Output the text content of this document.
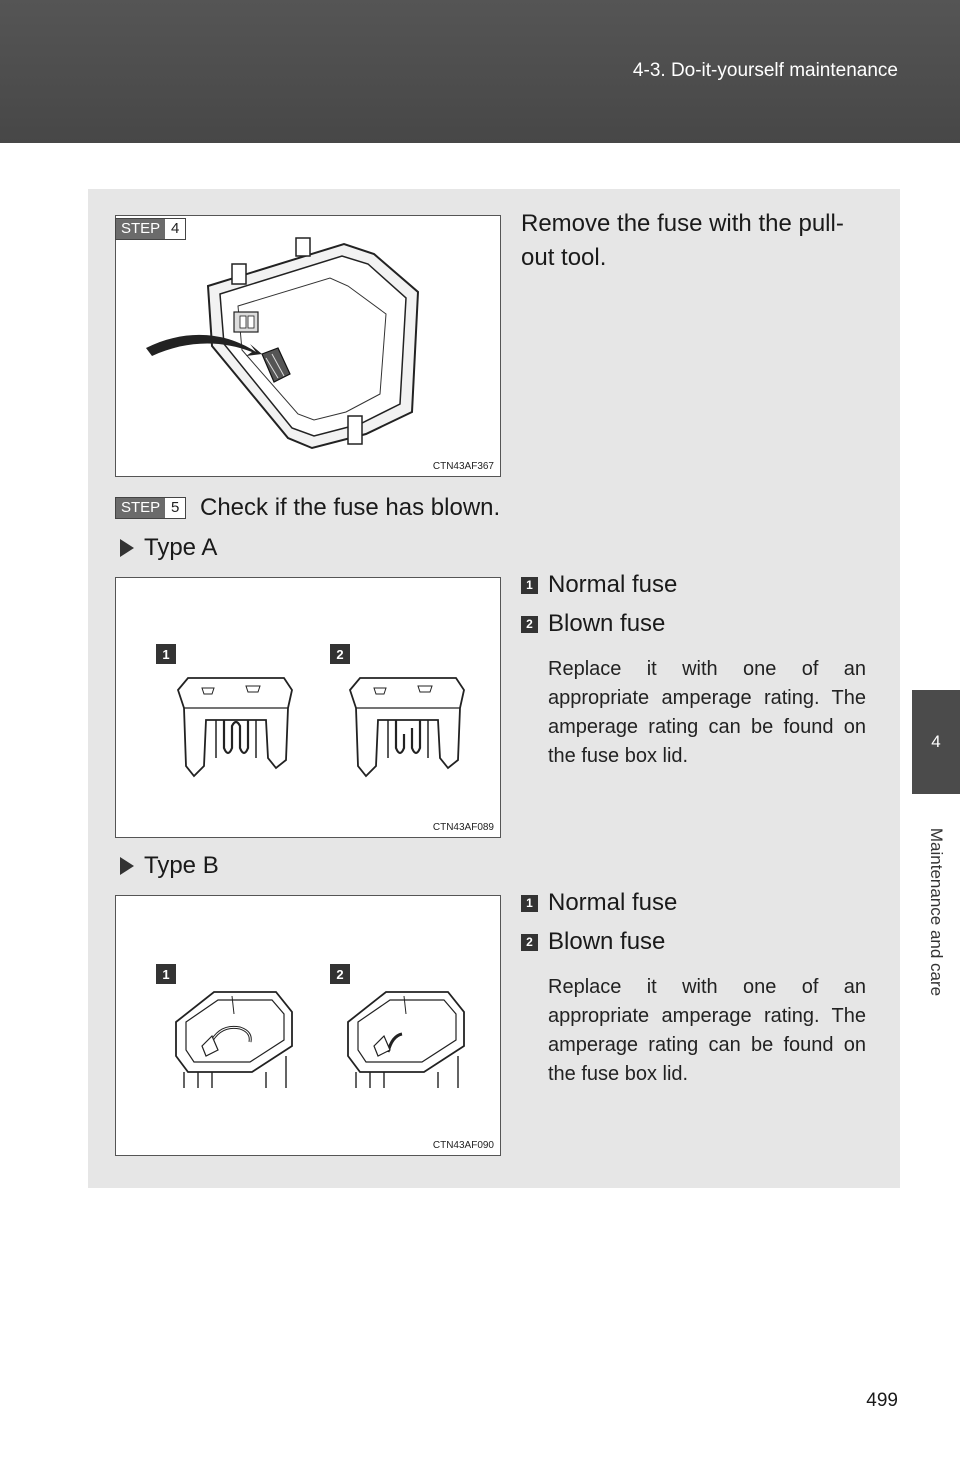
4-3. Do-it-yourself maintenance
4
Maintenance and care
CTN43AF367
STEP 4	Remove the fuse with the pull-out tool.
STEP 5 Check if the fuse has blown.
Type A
1	2
CTN43AF089
1 Normal fuse
2 Blown fuse
Replace it with one of an appropriate amperage rating. The amperage rating can be found on the fuse box lid.
Type B
1	2
CTN43AF090
1 Normal fuse
2 Blown fuse
Replace it with one of an appropriate amperage rating. The amperage rating can be found on the fuse box lid.
499
